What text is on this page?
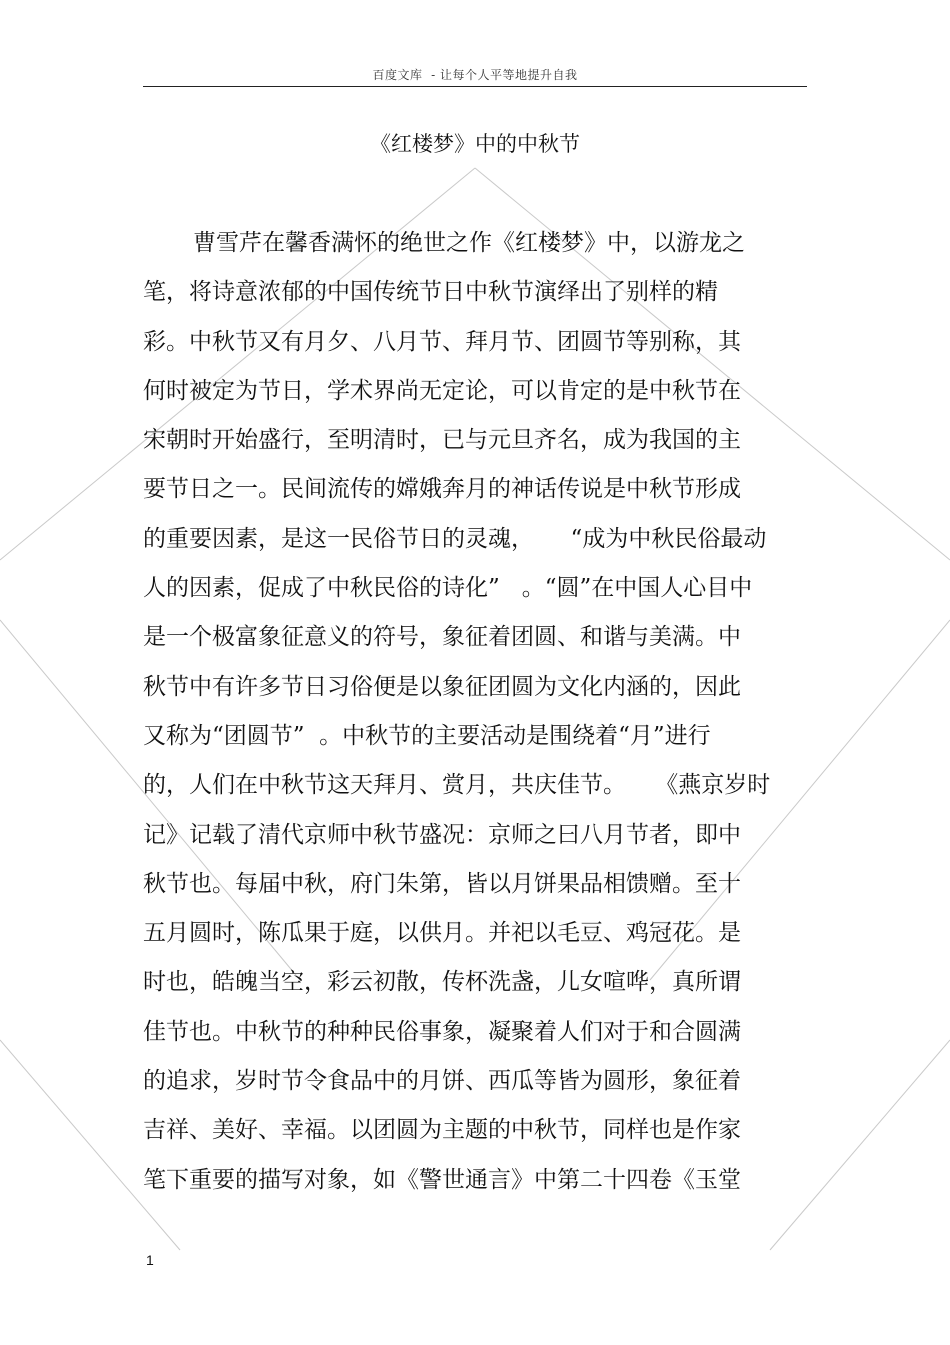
百度文库  - 让每个人平等地提升自我
《红楼梦》中的中秋节
曹雪芹在馨香满怀的绝世之作《红楼梦》中，以游龙之
笔，将诗意浓郁的中国传统节日中秋节演绎出了别样的精
彩。中秋节又有月夕、八月节、拜月节、团圆节等别称，其
何时被定为节日，学术界尚无定论，可以肯定的是中秋节在
宋朝时开始盛行，至明清时，已与元旦齐名，成为我国的主
要节日之一。民间流传的嫦娥奔月的神话传说是中秋节形成
的重要因素，是这一民俗节日的灵魂，     “成为中秋民俗最动
人的因素，促成了中秋民俗的诗化”   。“圆”在中国人心目中
是一个极富象征意义的符号，象征着团圆、和谐与美满。中
秋节中有许多节日习俗便是以象征团圆为文化内涵的，因此
又称为“团圆节”  。中秋节的主要活动是围绕着“月”进行
的，人们在中秋节这天拜月、赏月，共庆佳节。    《燕京岁时
记》记载了清代京师中秋节盛况：京师之曰八月节者，即中
秋节也。每届中秋，府门朱第，皆以月饼果品相馈赠。至十
五月圆时，陈瓜果于庭，以供月。并祀以毛豆、鸡冠花。是
时也，皓魄当空，彩云初散，传杯洗盏，儿女喧哗，真所谓
佳节也。中秋节的种种民俗事象，凝聚着人们对于和合圆满
的追求，岁时节令食品中的月饼、西瓜等皆为圆形，象征着
吉祥、美好、幸福。以团圆为主题的中秋节，同样也是作家
笔下重要的描写对象，如《警世通言》中第二十四卷《玉堂
1
